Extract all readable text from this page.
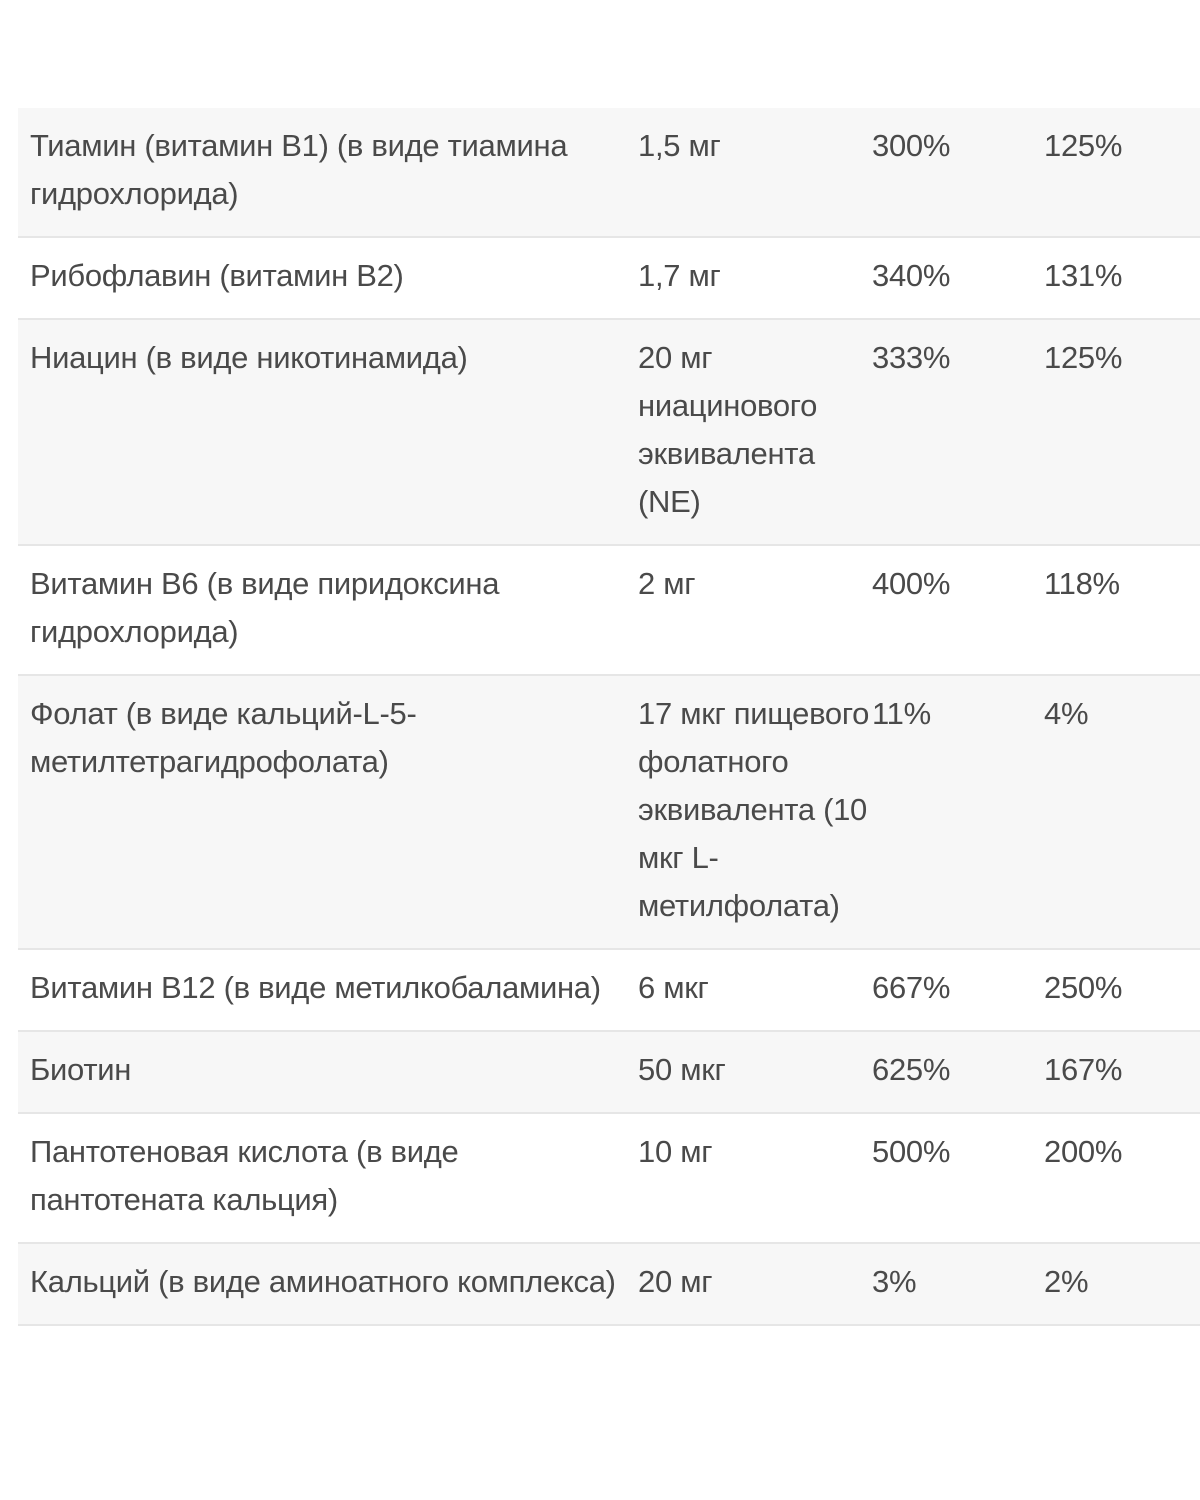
Тиамин (витамин B1) (в виде тиамина гидрохлорида)	1,5 мг	300%	125%
Рибофлавин (витамин B2)	1,7 мг	340%	131%
Ниацин (в виде никотинамида)	20 мг ниацинового эквивалента (NE)	333%	125%
Витамин B6 (в виде пиридоксина гидрохлорида)	2 мг	400%	118%
Фолат (в виде кальций-L-5-метилтетрагидрофолата)	17 мкг пищевого фолатного эквивалента (10 мкг L-метилфолата)	11%	4%
Витамин B12 (в виде метилкобаламина)	6 мкг	667%	250%
Биотин	50 мкг	625%	167%
Пантотеновая кислота (в виде пантотената кальция)	10 мг	500%	200%
Кальций (в виде аминоатного комплекса)	20 мг	3%	2%
